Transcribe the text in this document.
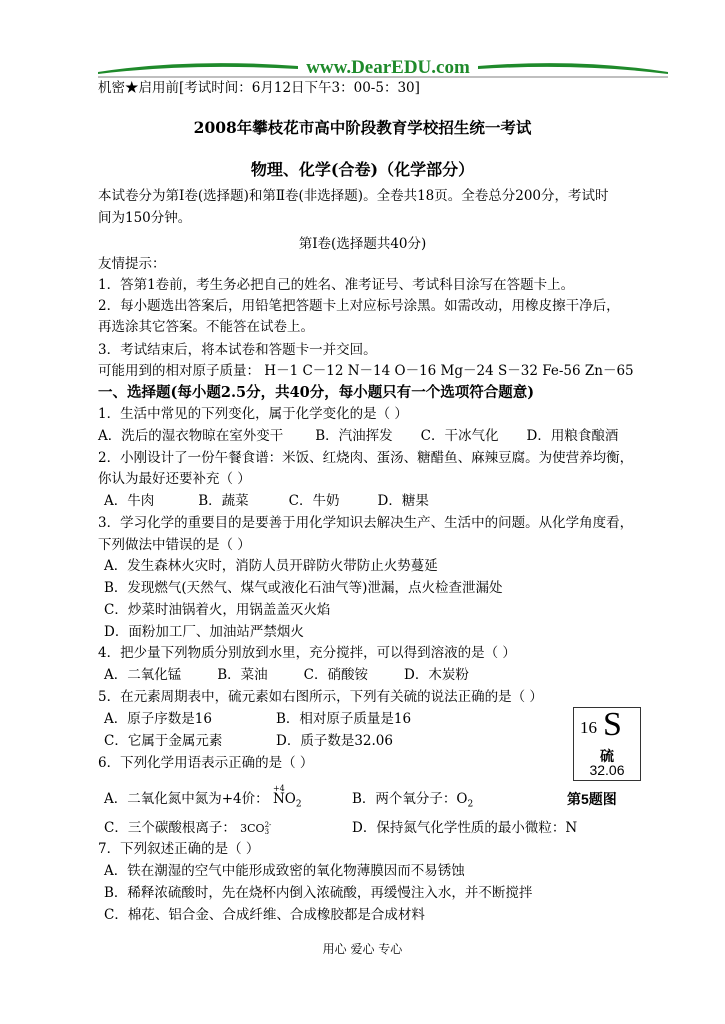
www.DearEDU.com
机密★启用前[考试时间：6月12日下午3：00-5：30]
2008年攀枝花市高中阶段教育学校招生统一考试
物理、化学(合卷)（化学部分）
本试卷分为第Ⅰ卷(选择题)和第Ⅱ卷(非选择题)。全卷共18页。全卷总分200分，考试时
间为150分钟。
第Ⅰ卷(选择题共40分)
友情提示：
1．答第1卷前，考生务必把自己的姓名、准考证号、考试科目涂写在答题卡上。
2．每小题选出答案后，用铅笔把答题卡上对应标号涂黑。如需改动，用橡皮擦干净后，
再选涂其它答案。不能答在试卷上。
3．考试结束后，将本试卷和答题卡一并交回。
可能用到的相对原子质量： H－1 C－12 N－14 O－16 Mg－24 S－32 Fe-56 Zn－65
一、选择题(每小题2.5分，共40分，每小题只有一个选项符合题意)
1．生活中常见的下列变化，属于化学变化的是（ ）
A．洗后的湿衣物晾在室外变干 B．汽油挥发 C．干冰气化 D．用粮食酿酒
2．小刚设计了一份午餐食谱：米饭、红烧肉、蛋汤、糖醋鱼、麻辣豆腐。为使营养均衡，
你认为最好还要补充（ ）
A．牛肉	B．蔬菜	C．牛奶	D．糖果
3．学习化学的重要目的是要善于用化学知识去解决生产、生活中的问题。从化学角度看，
下列做法中错误的是（ ）
A．发生森林火灾时，消防人员开辟防火带防止火势蔓延
B．发现燃气(天然气、煤气或液化石油气等)泄漏，点火检查泄漏处
C．炒菜时油锅着火，用锅盖盖灭火焰
D．面粉加工厂、加油站严禁烟火
4．把少量下列物质分别放到水里，充分搅拌，可以得到溶液的是（ ）
A．二氧化锰	B．菜油	C．硝酸铵	D．木炭粉
5．在元素周期表中，硫元素如右图所示，下列有关硫的说法正确的是（ ）
A．原子序数是16	B．相对原子质量是16
C．它属于金属元素	D．质子数是32.06
16 S
硫
32.06
第5题图
6．下列化学用语表示正确的是（ ）
A．二氧化氮中氮为+4价：
+4
$NO_2$	B．两个氧分子：$O_2$
C．三个碳酸根离子： 3CO 2-
3	D．保持氮气化学性质的最小微粒：N
7．下列叙述正确的是（ ）
A．铁在潮湿的空气中能形成致密的氧化物薄膜因而不易锈蚀
B．稀释浓硫酸时，先在烧杯内倒入浓硫酸，再缓慢注入水，并不断搅拌
C．棉花、铝合金、合成纤维、合成橡胶都是合成材料
用心 爱心 专心
